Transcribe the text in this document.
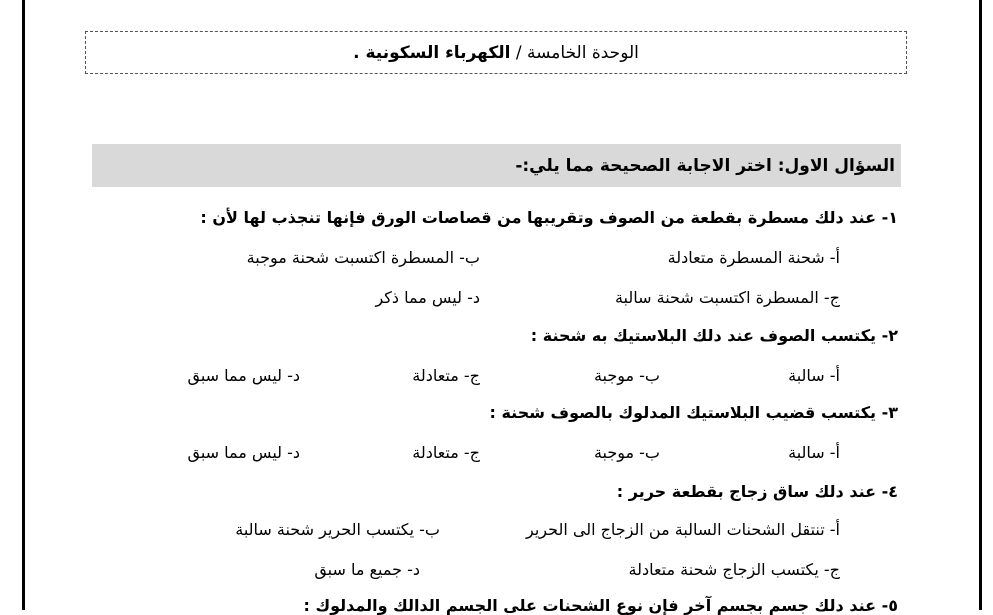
الوحدة الخامسة /

الكهرباء السكونية .
السؤال الاول: اختر الاجابة الصحيحة مما يلي:-
١- عند دلك مسطرة بقطعة من الصوف وتقريبها من قصاصات الورق فإنها تنجذب لها لأن :
أ- شحنة المسطرة متعادلة
ب- المسطرة اكتسبت شحنة موجبة
ج- المسطرة اكتسبت شحنة سالبة
د- ليس مما ذكر
٢- يكتسب الصوف عند دلك البلاستيك به شحنة :
أ- سالبة
ب- موجبة
ج- متعادلة
د- ليس مما سبق
٣- يكتسب قضيب البلاستيك المدلوك بالصوف شحنة :
أ- سالبة
ب- موجبة
ج- متعادلة
د- ليس مما سبق
٤- عند دلك ساق زجاج بقطعة حرير :
أ- تنتقل الشحنات السالبة من الزجاج الى الحرير
ب- يكتسب الحرير شحنة سالبة
ج- يكتسب الزجاج شحنة متعادلة
د- جميع ما سبق
٥- عند دلك جسم بجسم آخر فإن نوع الشحنات على الجسم الدالك والمدلوك :
